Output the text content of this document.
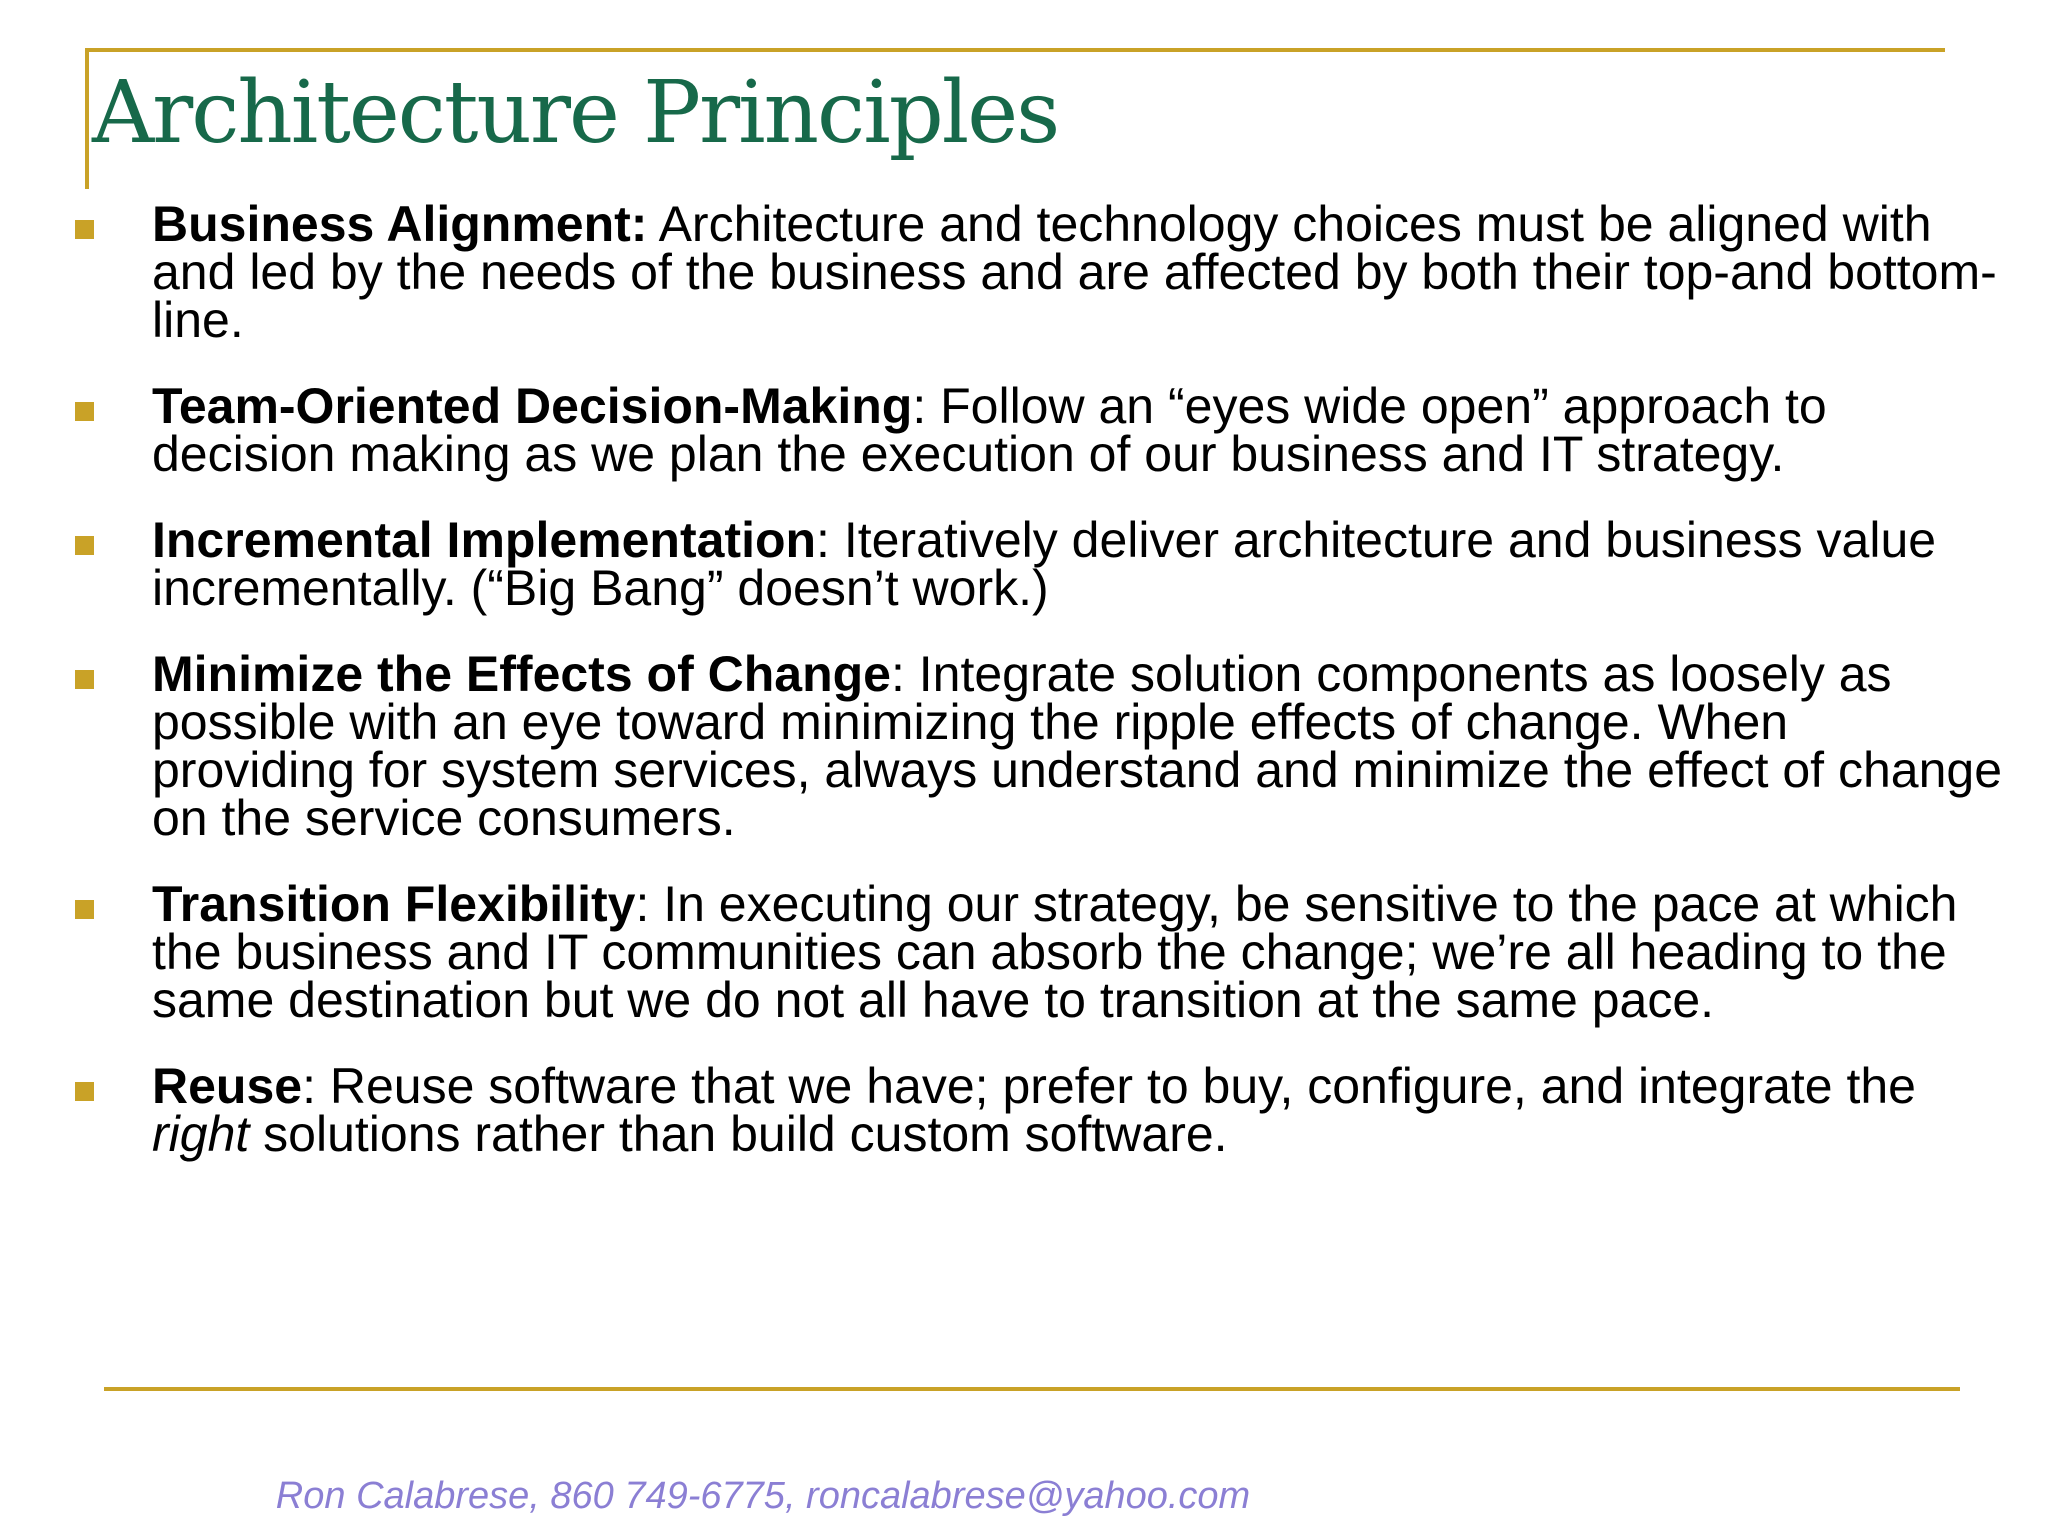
Architecture Principles
Business Alignment: Architecture and technology choices must be aligned with and led by the needs of the business and are affected by both their top-and bottom-line.
Team-Oriented Decision-Making: Follow an “eyes wide open” approach to decision making as we plan the execution of our business and IT strategy.
Incremental Implementation: Iteratively deliver architecture and business value incrementally. (“Big Bang” doesn’t work.)
Minimize the Effects of Change: Integrate solution components as loosely as possible with an eye toward minimizing the ripple effects of change. When providing for system services, always understand and minimize the effect of change on the service consumers.
Transition Flexibility: In executing our strategy, be sensitive to the pace at which the business and IT communities can absorb the change; we’re all heading to the same destination but we do not all have to transition at the same pace.
Reuse: Reuse software that we have; prefer to buy, configure, and integrate the right solutions rather than build custom software.
Ron Calabrese, 860 749-6775, roncalabrese@yahoo.com
